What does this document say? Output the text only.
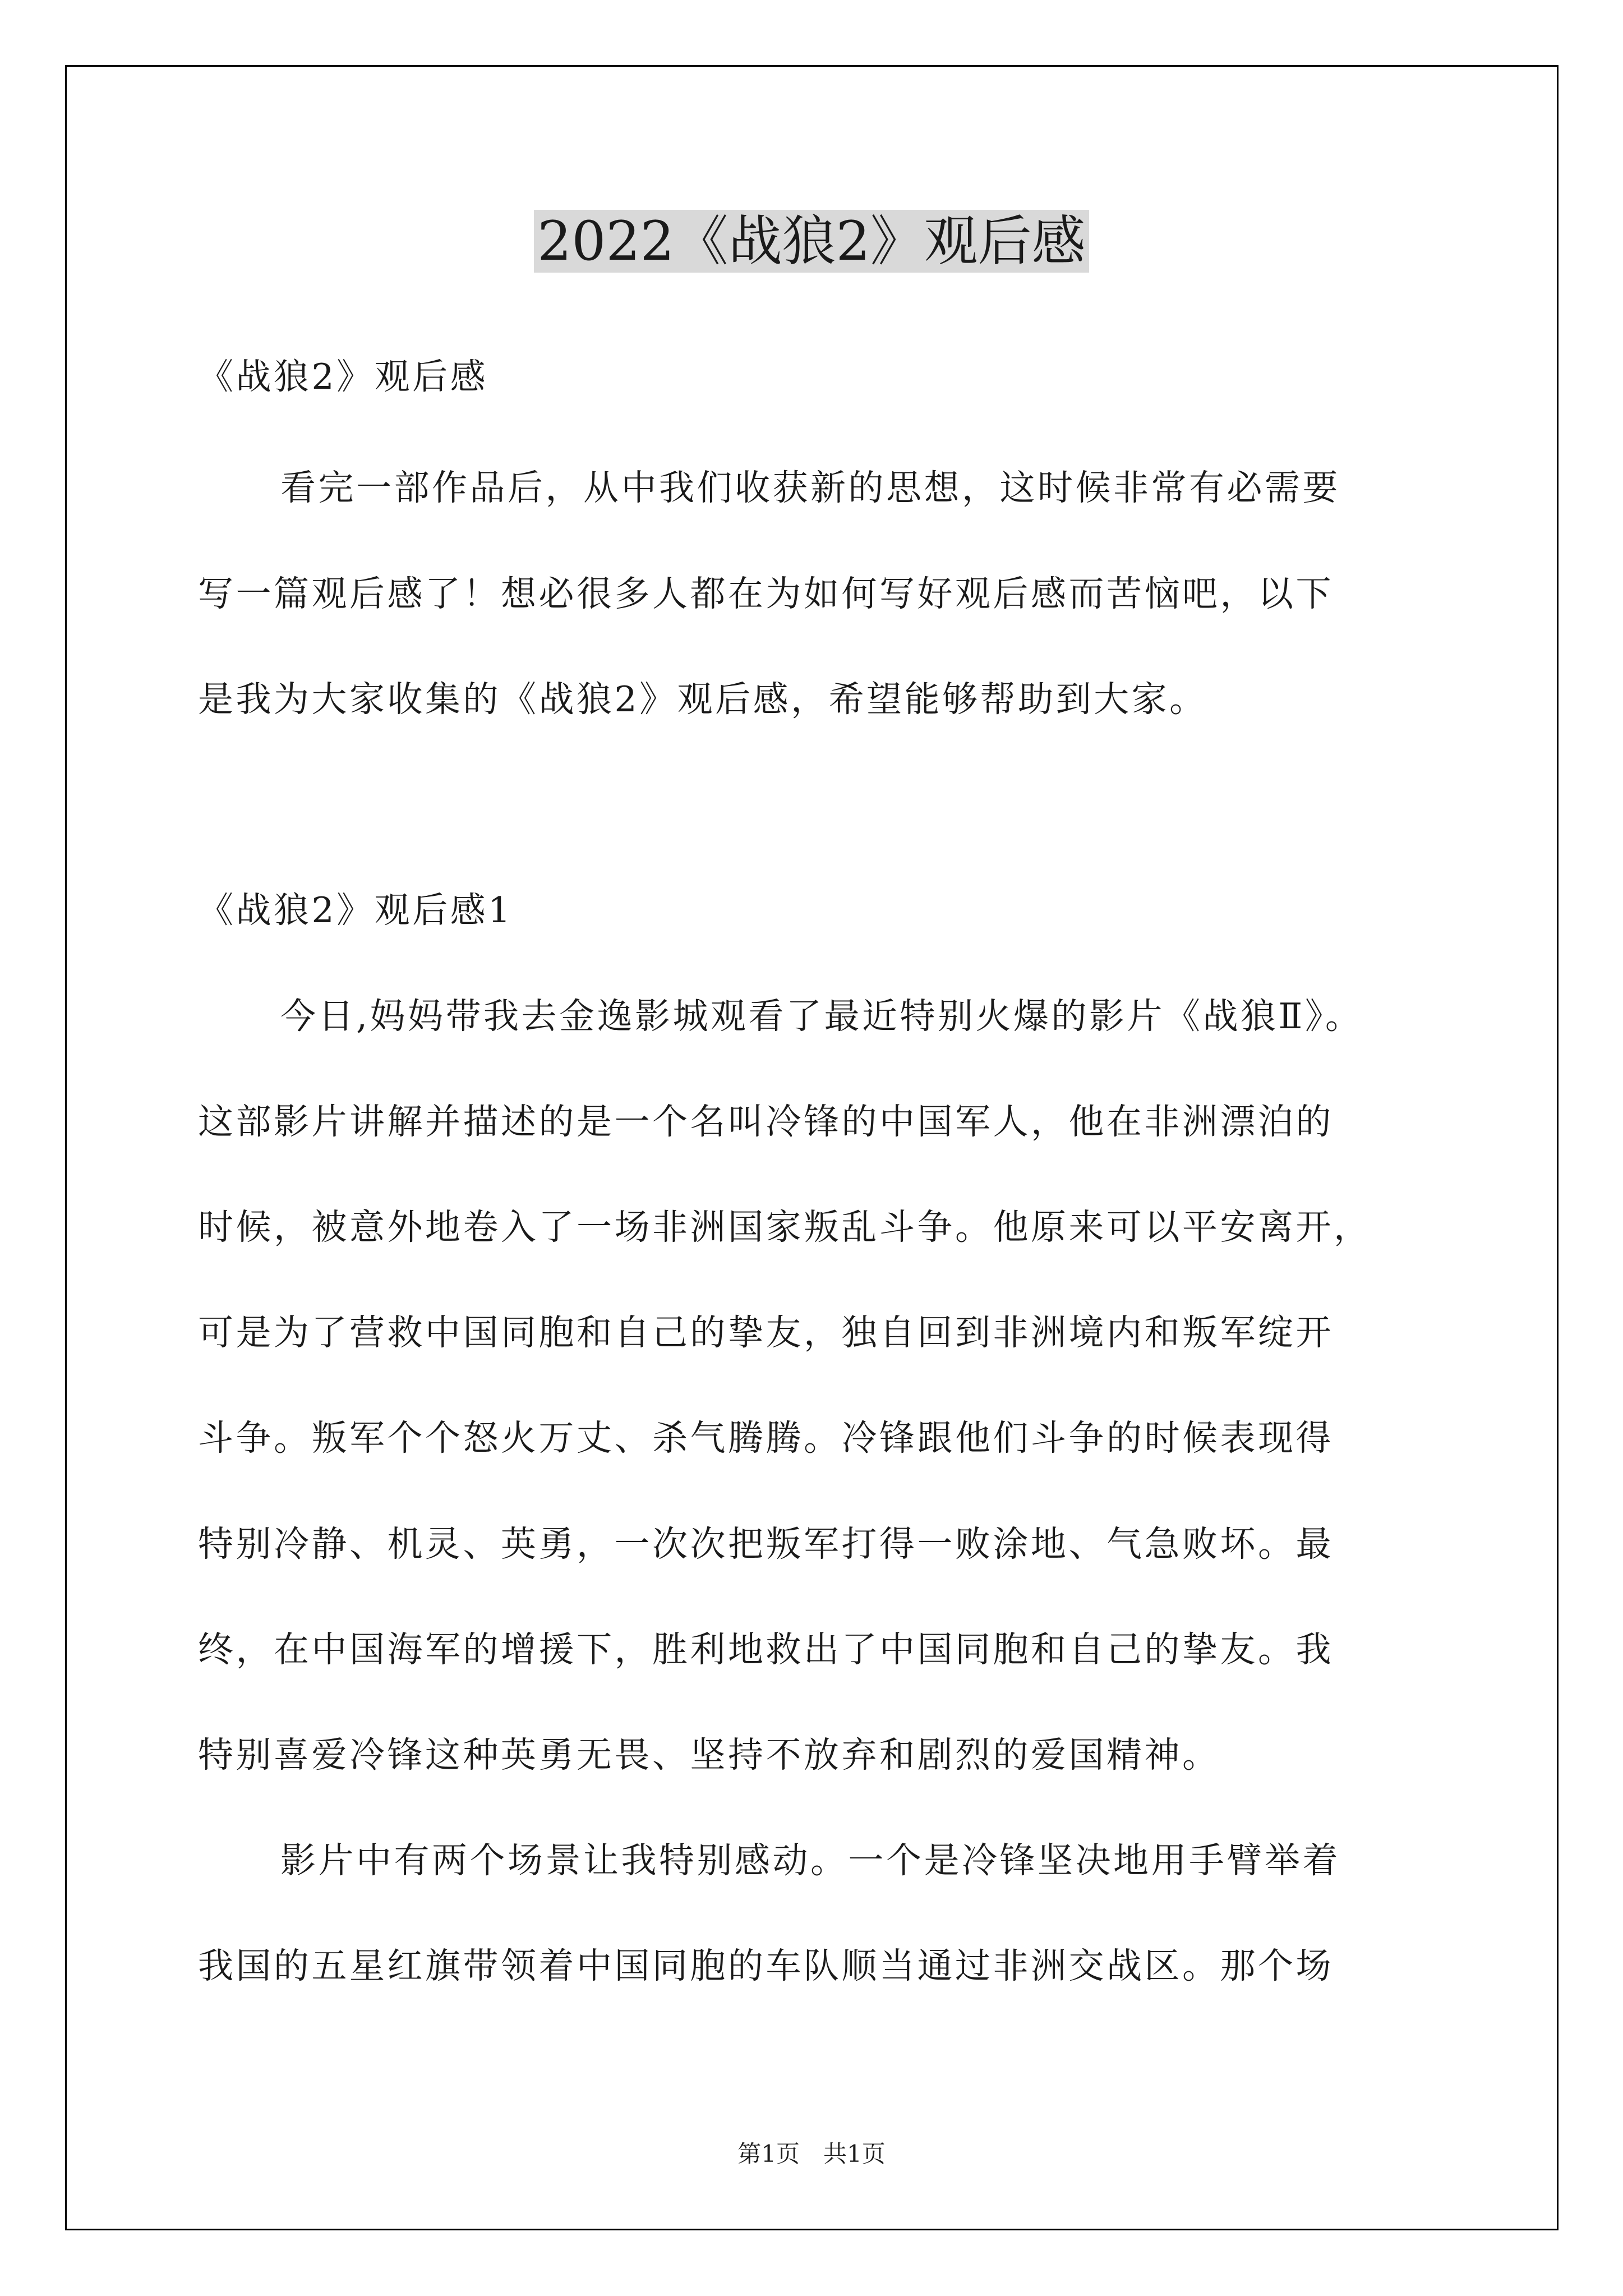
2022《战狼2》观后感
《战狼2》观后感
看完一部作品后，从中我们收获新的思想，这时候非常有必需要
写一篇观后感了！想必很多人都在为如何写好观后感而苦恼吧，以下
是我为大家收集的《战狼2》观后感，希望能够帮助到大家。
《战狼2》观后感1
今日,妈妈带我去金逸影城观看了最近特别火爆的影片《战狼Ⅱ》。
这部影片讲解并描述的是一个名叫冷锋的中国军人，他在非洲漂泊的
时候，被意外地卷入了一场非洲国家叛乱斗争。他原来可以平安离开，
可是为了营救中国同胞和自己的挚友，独自回到非洲境内和叛军绽开
斗争。叛军个个怒火万丈、杀气腾腾。冷锋跟他们斗争的时候表现得
特别冷静、机灵、英勇，一次次把叛军打得一败涂地、气急败坏。最
终，在中国海军的增援下，胜利地救出了中国同胞和自己的挚友。我
特别喜爱冷锋这种英勇无畏、坚持不放弃和剧烈的爱国精神。
影片中有两个场景让我特别感动。一个是冷锋坚决地用手臂举着
我国的五星红旗带领着中国同胞的车队顺当通过非洲交战区。那个场
第1页　共1页
